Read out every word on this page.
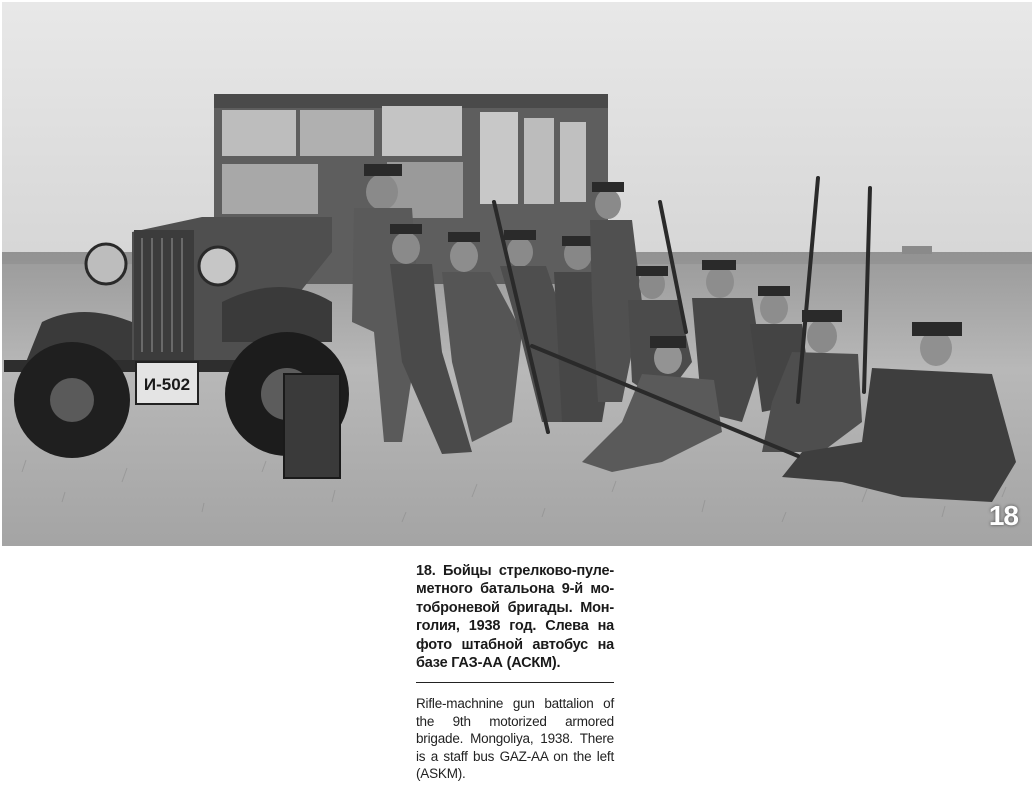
И-502
18

18. Бойцы стрелково-пуле-метного батальона 9-й мо-тоброневой бригады. Мон-голия, 1938 год. Слева на фото штабной автобус на базе ГАЗ-АА (АСКМ).

Rifle-machnine gun battalion of the 9th motorized armored brigade. Mongoliya, 1938. There is a staff bus GAZ-AA on the left (ASKM).
